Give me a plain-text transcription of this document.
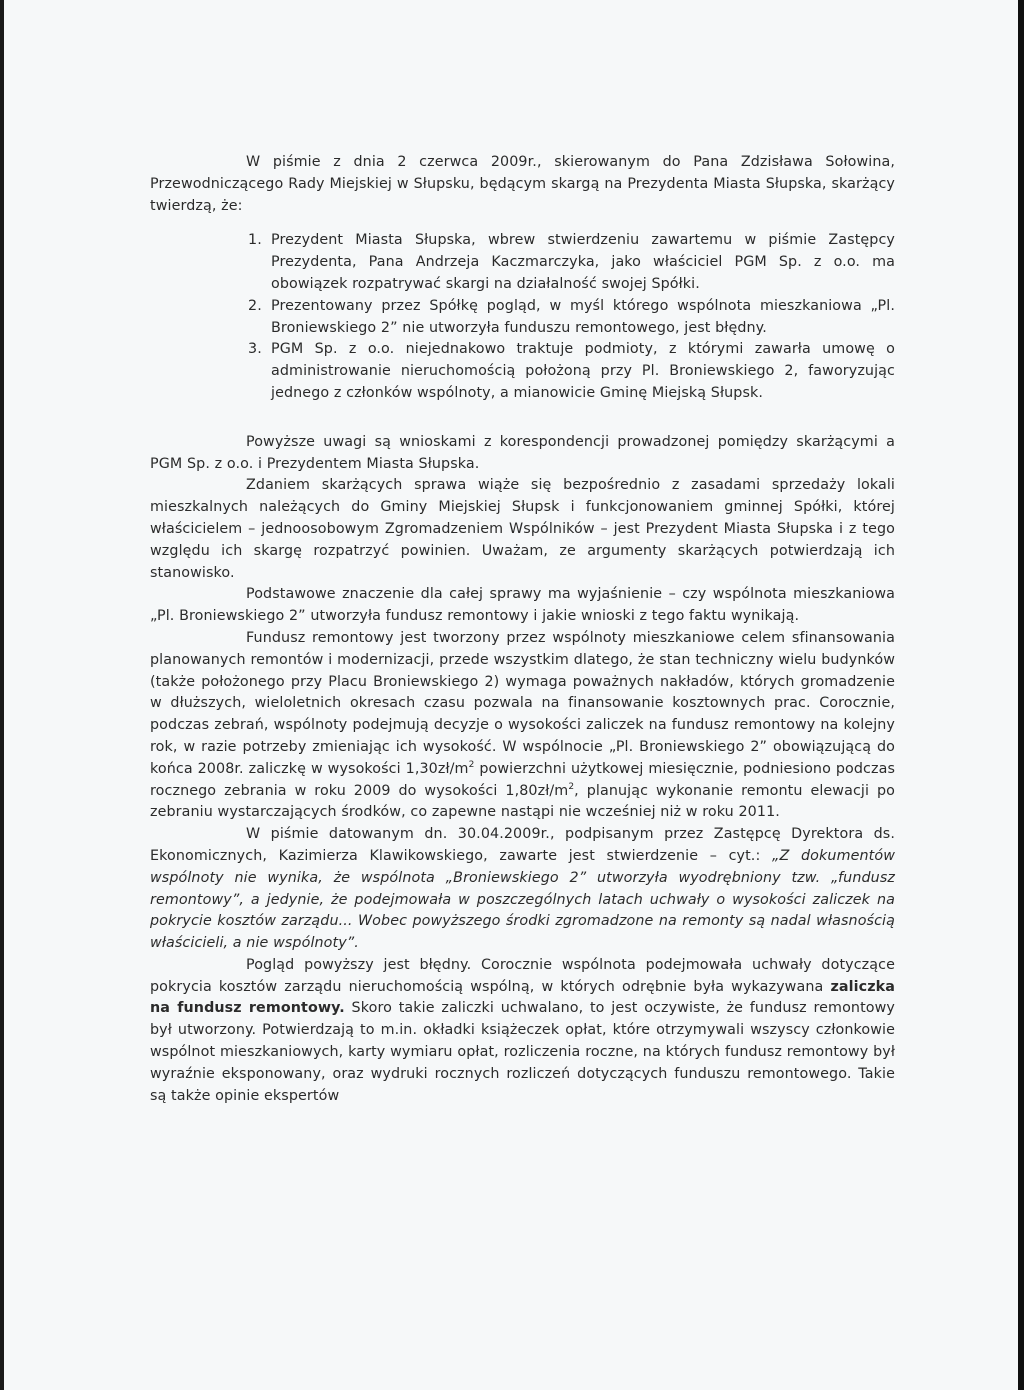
W piśmie z dnia 2 czerwca 2009r., skierowanym do Pana Zdzisława Sołowina, Przewodniczącego Rady Miejskiej w Słupsku, będącym skargą na Prezydenta Miasta Słupska, skarżący twierdzą, że:

1. Prezydent Miasta Słupska, wbrew stwierdzeniu zawartemu w piśmie Zastępcy Prezydenta, Pana Andrzeja Kaczmarczyka, jako właściciel PGM Sp. z o.o. ma obowiązek rozpatrywać skargi na działalność swojej Spółki.
2. Prezentowany przez Spółkę pogląd, w myśl którego wspólnota mieszkaniowa „Pl. Broniewskiego 2” nie utworzyła funduszu remontowego, jest błędny.
3. PGM Sp. z o.o. niejednakowo traktuje podmioty, z którymi zawarła umowę o administrowanie nieruchomością położoną przy Pl. Broniewskiego 2, faworyzując jednego z członków wspólnoty, a mianowicie Gminę Miejską Słupsk.

Powyższe uwagi są wnioskami z korespondencji prowadzonej pomiędzy skarżącymi a PGM Sp. z o.o. i Prezydentem Miasta Słupska.

Zdaniem skarżących sprawa wiąże się bezpośrednio z zasadami sprzedaży lokali mieszkalnych należących do Gminy Miejskiej Słupsk i funkcjonowaniem gminnej Spółki, której właścicielem – jednoosobowym Zgromadzeniem Wspólników – jest Prezydent Miasta Słupska i z tego względu ich skargę rozpatrzyć powinien. Uważam, ze argumenty skarżących potwierdzają ich stanowisko.

Podstawowe znaczenie dla całej sprawy ma wyjaśnienie – czy wspólnota mieszkaniowa „Pl. Broniewskiego 2” utworzyła fundusz remontowy i jakie wnioski z tego faktu wynikają.

Fundusz remontowy jest tworzony przez wspólnoty mieszkaniowe celem sfinansowania planowanych remontów i modernizacji, przede wszystkim dlatego, że stan techniczny wielu budynków (także położonego przy Placu Broniewskiego 2) wymaga poważnych nakładów, których gromadzenie w dłuższych, wieloletnich okresach czasu pozwala na finansowanie kosztownych prac. Corocznie, podczas zebrań, wspólnoty podejmują decyzje o wysokości zaliczek na fundusz remontowy na kolejny rok, w razie potrzeby zmieniając ich wysokość. W wspólnocie „Pl. Broniewskiego 2” obowiązującą do końca 2008r. zaliczkę w wysokości $1,30zł/m^2$ powierzchni użytkowej miesięcznie, podniesiono podczas rocznego zebrania w roku 2009 do wysokości $1,80zł/m^2$, planując wykonanie remontu elewacji po zebraniu wystarczających środków, co zapewne nastąpi nie wcześniej niż w roku 2011.

W piśmie datowanym dn. 30.04.2009r., podpisanym przez Zastępcę Dyrektora ds. Ekonomicznych, Kazimierza Klawikowskiego, zawarte jest stwierdzenie – cyt.: „Z dokumentów wspólnoty nie wynika, że wspólnota „Broniewskiego 2” utworzyła wyodrębniony tzw. „fundusz remontowy”, a jedynie, że podejmowała w poszczególnych latach uchwały o wysokości zaliczek na pokrycie kosztów zarządu... Wobec powyższego środki zgromadzone na remonty są nadal własnością właścicieli, a nie wspólnoty”.

Pogląd powyższy jest błędny. Corocznie wspólnota podejmowała uchwały dotyczące pokrycia kosztów zarządu nieruchomością wspólną, w których odrębnie była wykazywana zaliczka na fundusz remontowy. Skoro takie zaliczki uchwalano, to jest oczywiste, że fundusz remontowy był utworzony. Potwierdzają to m.in. okładki książeczek opłat, które otrzymywali wszyscy członkowie wspólnot mieszkaniowych, karty wymiaru opłat, rozliczenia roczne, na których fundusz remontowy był wyraźnie eksponowany, oraz wydruki rocznych rozliczeń dotyczących funduszu remontowego. Takie są także opinie ekspertów
